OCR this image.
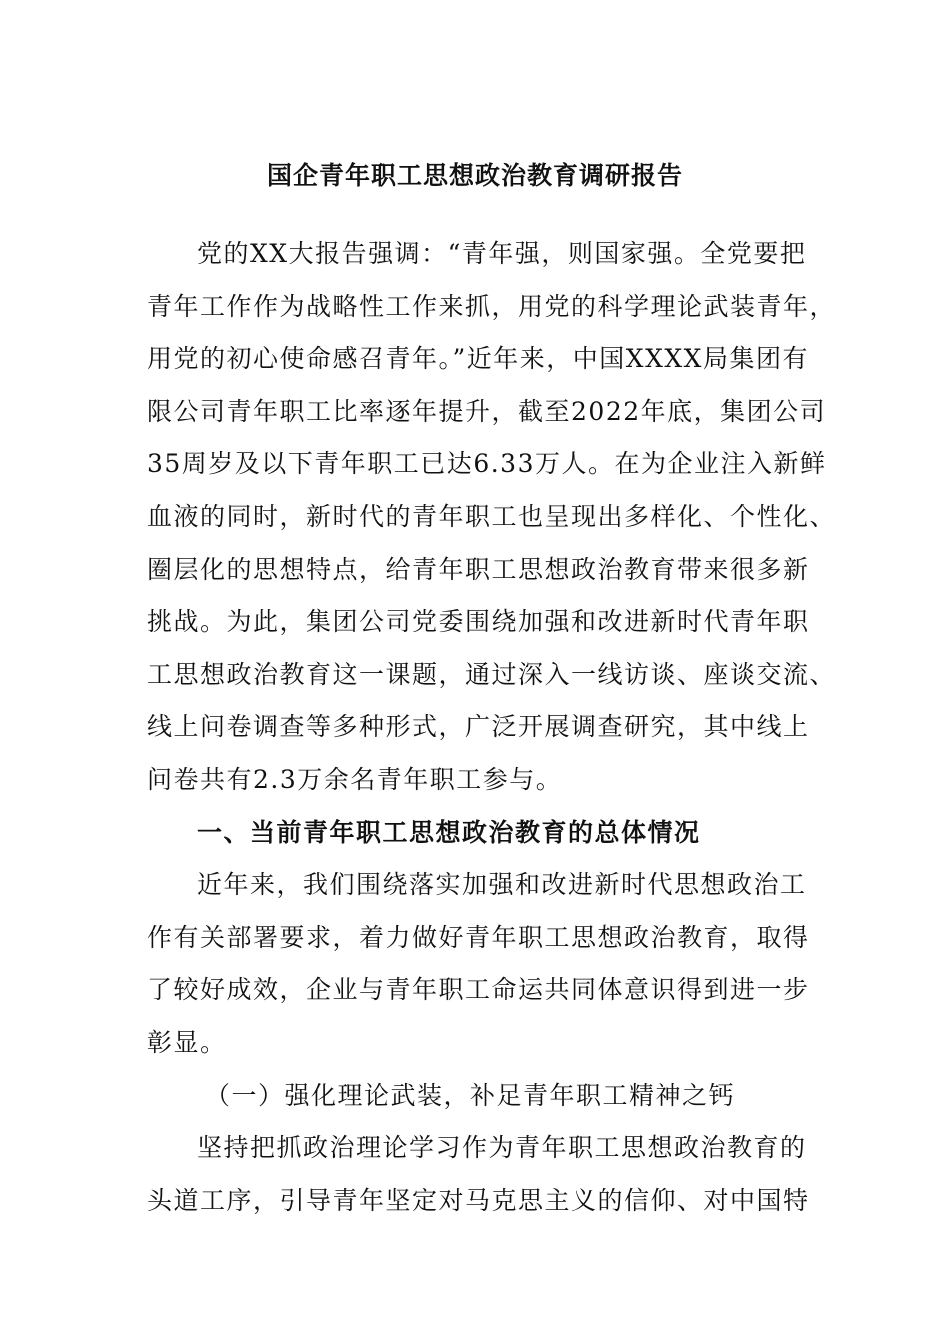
国企青年职工思想政治教育调研报告
党的XX大报告强调：“青年强，则国家强。全党要把
青年工作作为战略性工作来抓，用党的科学理论武装青年，
用党的初心使命感召青年。”近年来，中国XXXX局集团有
限公司青年职工比率逐年提升，截至2022年底，集团公司
35周岁及以下青年职工已达6.33万人。在为企业注入新鲜
血液的同时，新时代的青年职工也呈现出多样化、个性化、
圈层化的思想特点，给青年职工思想政治教育带来很多新
挑战。为此，集团公司党委围绕加强和改进新时代青年职
工思想政治教育这一课题，通过深入一线访谈、座谈交流、
线上问卷调查等多种形式，广泛开展调查研究，其中线上
问卷共有2.3万余名青年职工参与。
一、当前青年职工思想政治教育的总体情况
近年来，我们围绕落实加强和改进新时代思想政治工
作有关部署要求，着力做好青年职工思想政治教育，取得
了较好成效，企业与青年职工命运共同体意识得到进一步
彰显。
（一）强化理论武装，补足青年职工精神之钙
坚持把抓政治理论学习作为青年职工思想政治教育的
头道工序，引导青年坚定对马克思主义的信仰、对中国特
